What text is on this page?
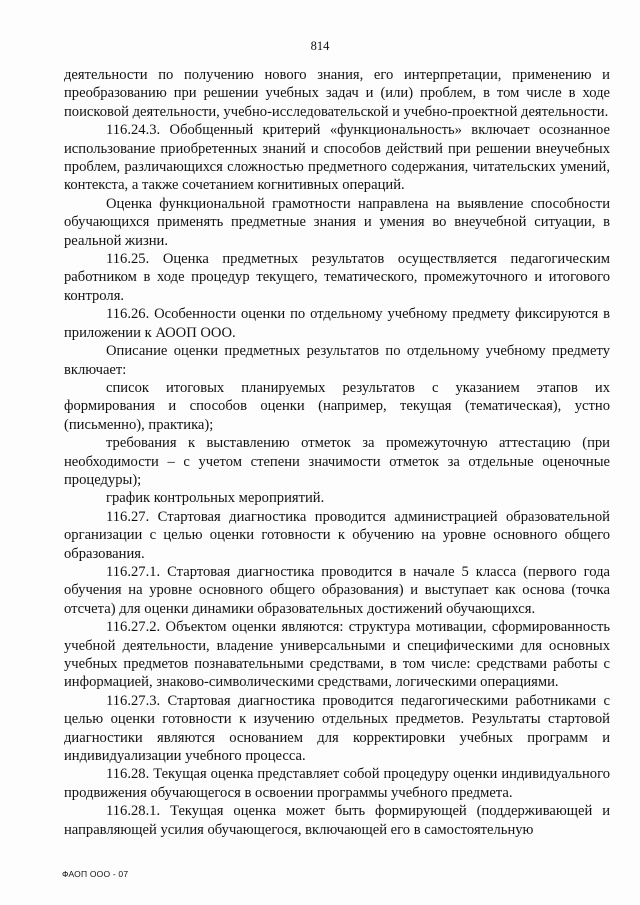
814

деятельности по получению нового знания, его интерпретации, применению и преобразованию при решении учебных задач и (или) проблем, в том числе в ходе поисковой деятельности, учебно-исследовательской и учебно-проектной деятельности.

116.24.3. Обобщенный критерий «функциональность» включает осознанное использование приобретенных знаний и способов действий при решении внеучебных проблем, различающихся сложностью предметного содержания, читательских умений, контекста, а также сочетанием когнитивных операций.

Оценка функциональной грамотности направлена на выявление способности обучающихся применять предметные знания и умения во внеучебной ситуации, в реальной жизни.

116.25. Оценка предметных результатов осуществляется педагогическим работником в ходе процедур текущего, тематического, промежуточного и итогового контроля.

116.26. Особенности оценки по отдельному учебному предмету фиксируются в приложении к АООП ООО.

Описание оценки предметных результатов по отдельному учебному предмету включает:

список итоговых планируемых результатов с указанием этапов их формирования и способов оценки (например, текущая (тематическая), устно (письменно), практика);

требования к выставлению отметок за промежуточную аттестацию (при необходимости – с учетом степени значимости отметок за отдельные оценочные процедуры);

график контрольных мероприятий.

116.27. Стартовая диагностика проводится администрацией образовательной организации с целью оценки готовности к обучению на уровне основного общего образования.

116.27.1. Стартовая диагностика проводится в начале 5 класса (первого года обучения на уровне основного общего образования) и выступает как основа (точка отсчета) для оценки динамики образовательных достижений обучающихся.

116.27.2. Объектом оценки являются: структура мотивации, сформированность учебной деятельности, владение универсальными и специфическими для основных учебных предметов познавательными средствами, в том числе: средствами работы с информацией, знаково-символическими средствами, логическими операциями.

116.27.3. Стартовая диагностика проводится педагогическими работниками с целью оценки готовности к изучению отдельных предметов. Результаты стартовой диагностики являются основанием для корректировки учебных программ и индивидуализации учебного процесса.

116.28. Текущая оценка представляет собой процедуру оценки индивидуального продвижения обучающегося в освоении программы учебного предмета.

116.28.1. Текущая оценка может быть формирующей (поддерживающей и направляющей усилия обучающегося, включающей его в самостоятельную

ФАОП ООО - 07
